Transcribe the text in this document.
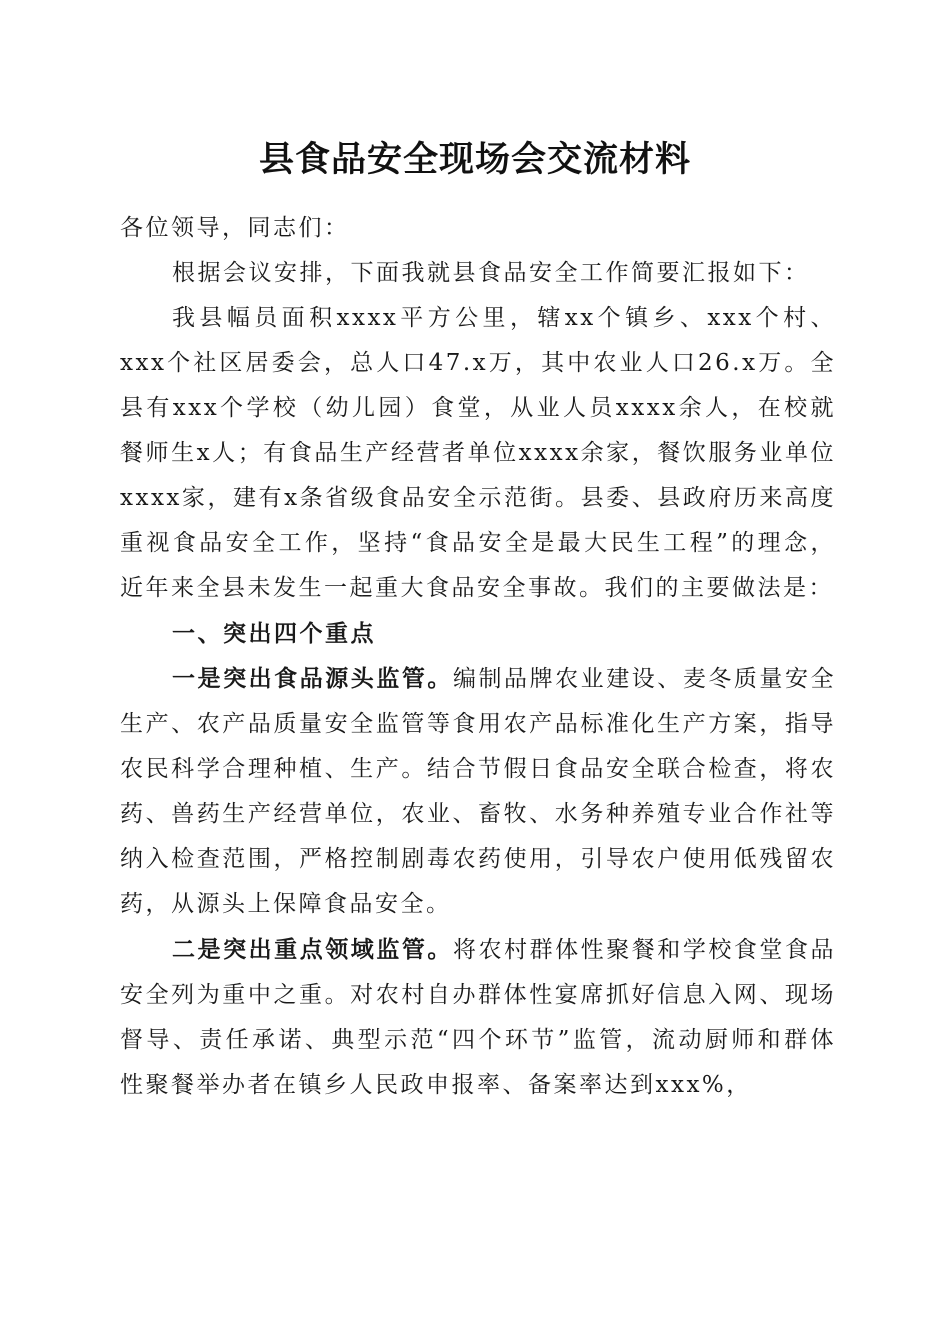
县食品安全现场会交流材料

各位领导，同志们：

根据会议安排，下面我就县食品安全工作简要汇报如下：

我县幅员面积xxxx平方公里，辖xx个镇乡、xxx个村、xxx个社区居委会，总人口47.x万，其中农业人口26.x万。全县有xxx个学校（幼儿园）食堂，从业人员xxxx余人，在校就餐师生x人；有食品生产经营者单位xxxx余家，餐饮服务业单位xxxx家，建有x条省级食品安全示范街。县委、县政府历来高度重视食品安全工作，坚持“食品安全是最大民生工程”的理念，近年来全县未发生一起重大食品安全事故。我们的主要做法是：

一、突出四个重点

一是突出食品源头监管。编制品牌农业建设、麦冬质量安全生产、农产品质量安全监管等食用农产品标准化生产方案，指导农民科学合理种植、生产。结合节假日食品安全联合检查，将农药、兽药生产经营单位，农业、畜牧、水务种养殖专业合作社等纳入检查范围，严格控制剧毒农药使用，引导农户使用低残留农药，从源头上保障食品安全。

二是突出重点领域监管。将农村群体性聚餐和学校食堂食品安全列为重中之重。对农村自办群体性宴席抓好信息入网、现场督导、责任承诺、典型示范“四个环节”监管，流动厨师和群体性聚餐举办者在镇乡人民政申报率、备案率达到xxx%，
